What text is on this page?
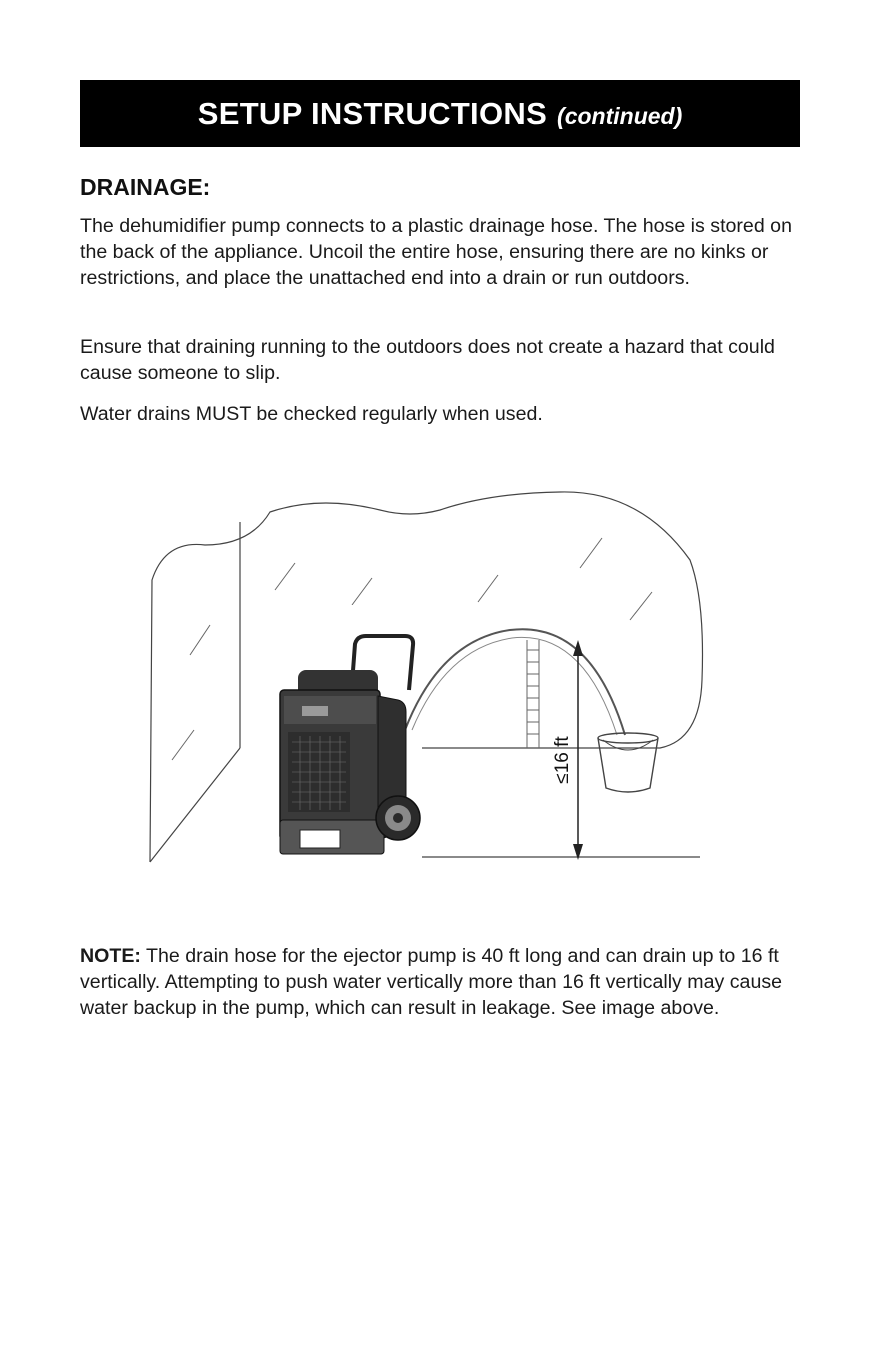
SETUP INSTRUCTIONS (continued)
DRAINAGE:

The dehumidifier pump connects to a plastic drainage hose. The hose is stored on the back of the appliance. Uncoil the entire hose, ensuring there are no kinks or restrictions, and place the unattached end into a drain or run outdoors.

Ensure that draining running to the outdoors does not create a hazard that could cause someone to slip.

Water drains MUST be checked regularly when used.

≤16 ft

NOTE: The drain hose for the ejector pump is 40 ft long and can drain up to 16 ft vertically. Attempting to push water vertically more than 16 ft vertically may cause water backup in the pump, which can result in leakage. See image above.
